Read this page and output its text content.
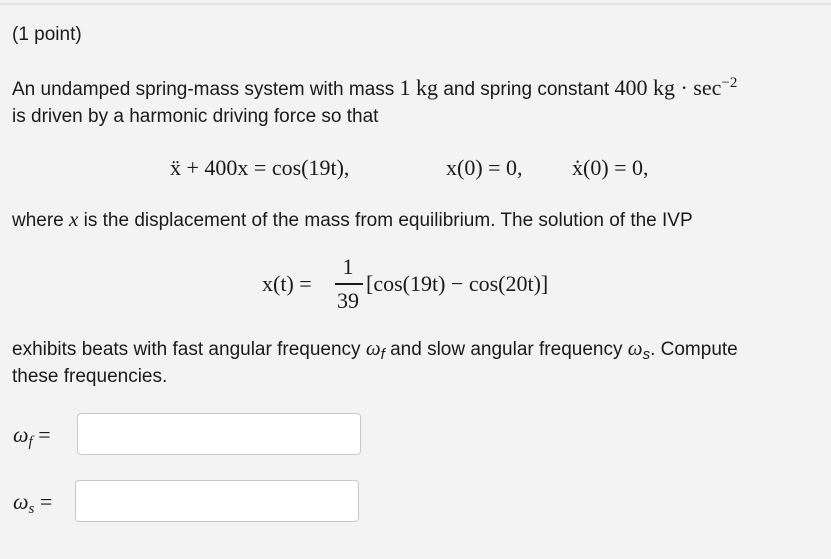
(1 point)
An undamped spring-mass system with mass 1 kg and spring constant 400 kg · $\sec^{-2}$
is driven by a harmonic driving force so that
ẍ + 400x = cos(19t),	x(0) = 0, ẋ(0) = 0,
where x is the displacement of the mass from equilibrium. The solution of the IVP
x(t) =
1
39
[cos(19t) − cos(20t)]
exhibits beats with fast angular frequency $\omega_f$ and slow angular frequency $\omega_s$. Compute
these frequencies.
$\omega_f$ =
$\omega_s$ =
